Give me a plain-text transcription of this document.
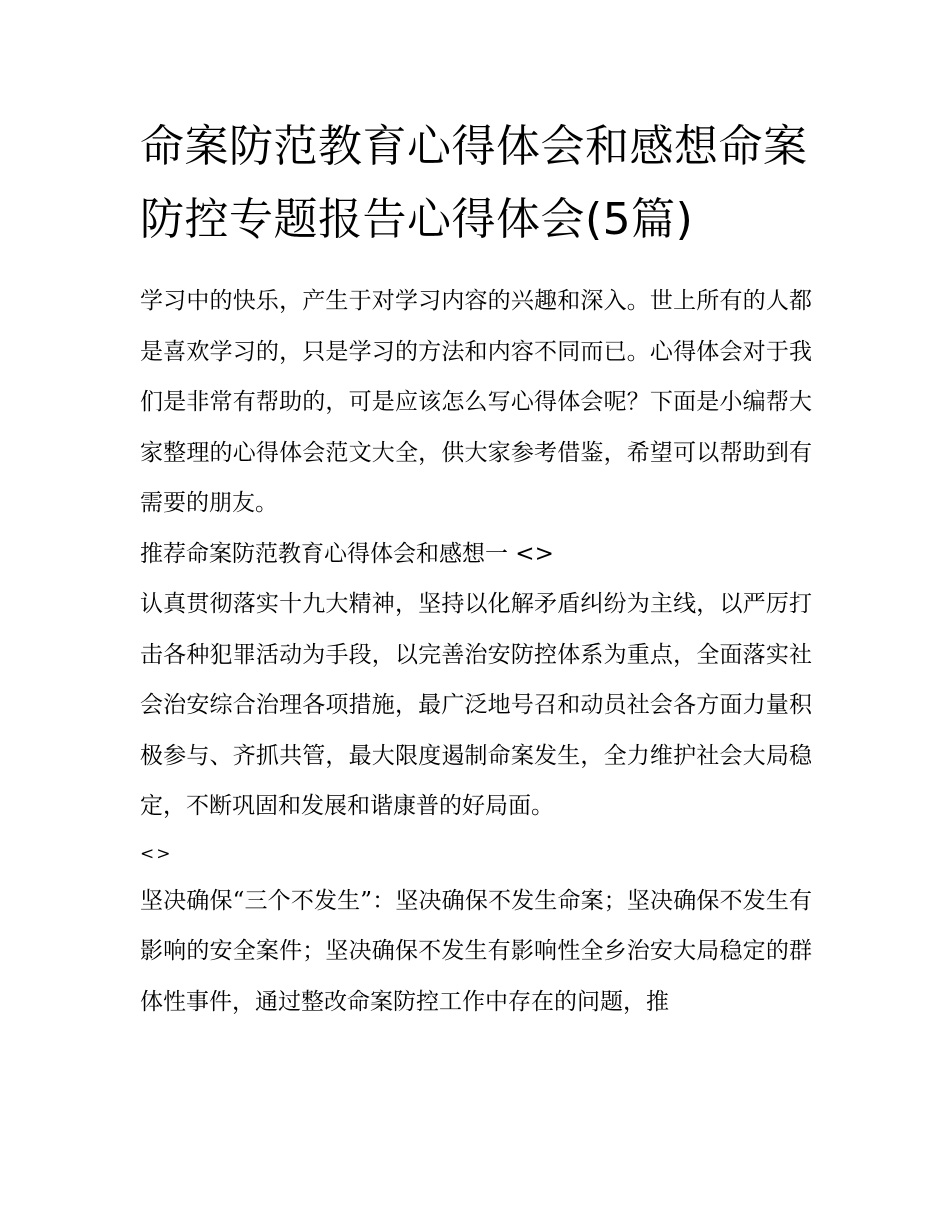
命案防范教育心得体会和感想命案防控专题报告心得体会(5篇)

学习中的快乐，产生于对学习内容的兴趣和深入。世上所有的人都是喜欢学习的，只是学习的方法和内容不同而已。心得体会对于我们是非常有帮助的，可是应该怎么写心得体会呢？下面是小编帮大家整理的心得体会范文大全，供大家参考借鉴，希望可以帮助到有需要的朋友。

推荐命案防范教育心得体会和感想一 <>

认真贯彻落实十九大精神，坚持以化解矛盾纠纷为主线，以严厉打击各种犯罪活动为手段，以完善治安防控体系为重点，全面落实社会治安综合治理各项措施，最广泛地号召和动员社会各方面力量积极参与、齐抓共管，最大限度遏制命案发生，全力维护社会大局稳定，不断巩固和发展和谐康普的好局面。

<>

坚决确保“三个不发生”：坚决确保不发生命案；坚决确保不发生有影响的安全案件；坚决确保不发生有影响性全乡治安大局稳定的群体性事件，通过整改命案防控工作中存在的问题，推
